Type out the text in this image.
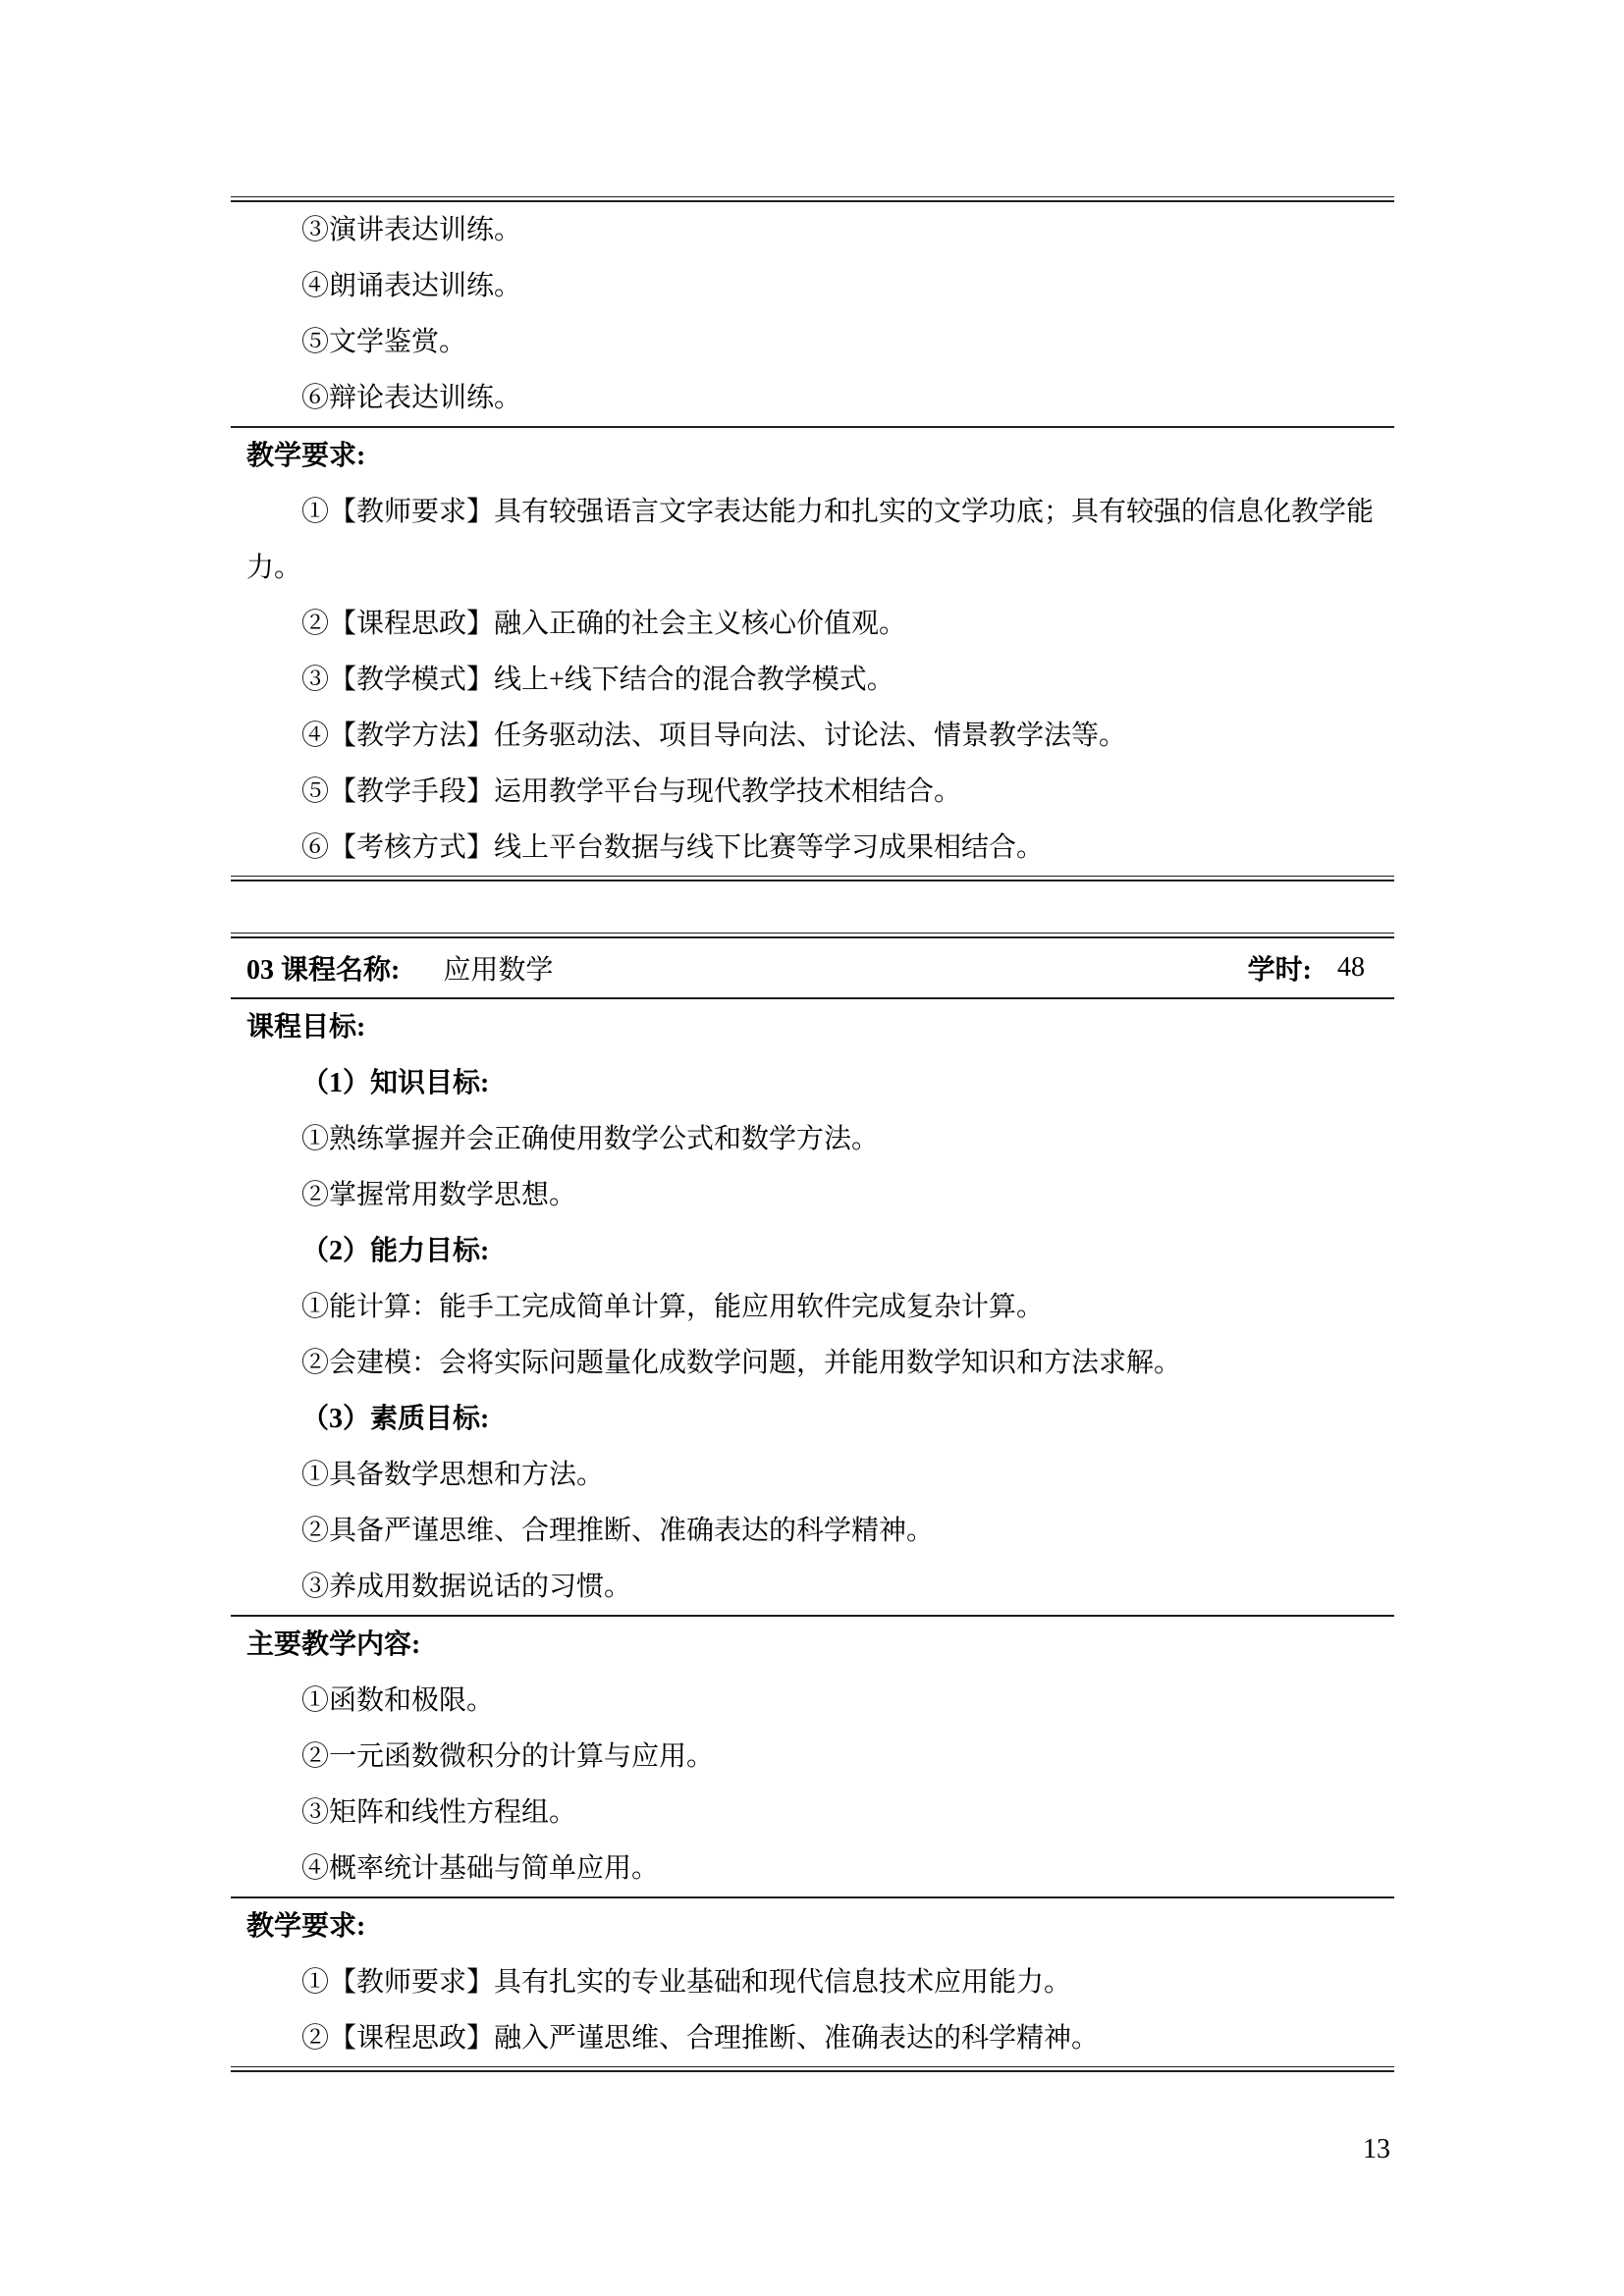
③演讲表达训练。

④朗诵表达训练。

⑤文学鉴赏。

⑥辩论表达训练。

教学要求:

①【教师要求】具有较强语言文字表达能力和扎实的文学功底；具有较强的信息化教学能力。

②【课程思政】融入正确的社会主义核心价值观。

③【教学模式】线上+线下结合的混合教学模式。

④【教学方法】任务驱动法、项目导向法、讨论法、情景教学法等。

⑤【教学手段】运用教学平台与现代教学技术相结合。

⑥【考核方式】线上平台数据与线下比赛等学习成果相结合。

03 课程名称: 应用数学	学时: 48

课程目标:

（1）知识目标:

①熟练掌握并会正确使用数学公式和数学方法。

②掌握常用数学思想。

（2）能力目标:

①能计算：能手工完成简单计算，能应用软件完成复杂计算。

②会建模：会将实际问题量化成数学问题，并能用数学知识和方法求解。

（3）素质目标:

①具备数学思想和方法。

②具备严谨思维、合理推断、准确表达的科学精神。

③养成用数据说话的习惯。

主要教学内容:

①函数和极限。

②一元函数微积分的计算与应用。

③矩阵和线性方程组。

④概率统计基础与简单应用。

教学要求:

①【教师要求】具有扎实的专业基础和现代信息技术应用能力。

②【课程思政】融入严谨思维、合理推断、准确表达的科学精神。

13
